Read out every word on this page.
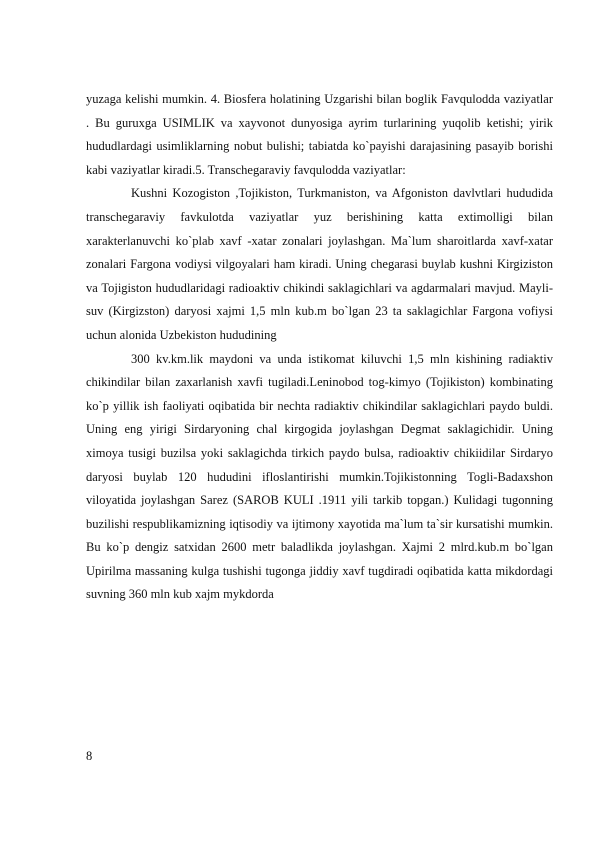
yuzaga kelishi mumkin. 4. Biosfera holatining Uzgarishi bilan boglik Favqulodda vaziyatlar . Bu guruxga USIMLIK va xayvonot dunyosiga ayrim turlarining yuqolib ketishi; yirik hududlardagi usimliklarning nobut bulishi; tabiatda ko`payishi darajasining pasayib borishi kabi vaziyatlar kiradi.5. Transchegaraviy favqulodda vaziyatlar:

Kushni Kozogiston ,Tojikiston, Turkmaniston, va Afgoniston davlvtlari hududida transchegaraviy favkulotda vaziyatlar yuz berishining katta extimolligi bilan xarakterlanuvchi ko`plab xavf -xatar zonalari joylashgan. Ma`lum sharoitlarda xavf-xatar zonalari Fargona vodiysi vilgoyalari ham kiradi. Uning chegarasi buylab kushni Kirgiziston va Tojigiston hududlaridagi radioaktiv chikindi saklagichlari va agdarmalari mavjud. Mayli-suv (Kirgizston) daryosi xajmi 1,5 mln kub.m bo`lgan 23 ta saklagichlar Fargona vofiysi uchun alonida Uzbekiston hududining

300 kv.km.lik maydoni va unda istikomat kiluvchi 1,5 mln kishining radiaktiv chikindilar bilan zaxarlanish xavfi tugiladi.Leninobod tog-kimyo (Tojikiston) kombinating ko`p yillik ish faoliyati oqibatida bir nechta radiaktiv chikindilar saklagichlari paydo buldi. Uning eng yirigi Sirdaryoning chal kirgogida joylashgan Degmat saklagichidir. Uning ximoya tusigi buzilsa yoki saklagichda tirkich paydo bulsa, radioaktiv chikiidilar Sirdaryo daryosi buylab 120 hududini ifloslantirishi mumkin.Tojikistonning Togli-Badaxshon viloyatida joylashgan Sarez (SAROB KULI .1911 yili tarkib topgan.) Kulidagi tugonning buzilishi respublikamizning iqtisodiy va ijtimony xayotida ma`lum ta`sir kursatishi mumkin. Bu ko`p dengiz satxidan 2600 metr baladlikda joylashgan. Xajmi 2 mlrd.kub.m bo`lgan Upirilma massaning kulga tushishi tugonga jiddiy xavf tugdiradi oqibatida katta mikdordagi suvning 360 mln kub xajm mykdorda

8
